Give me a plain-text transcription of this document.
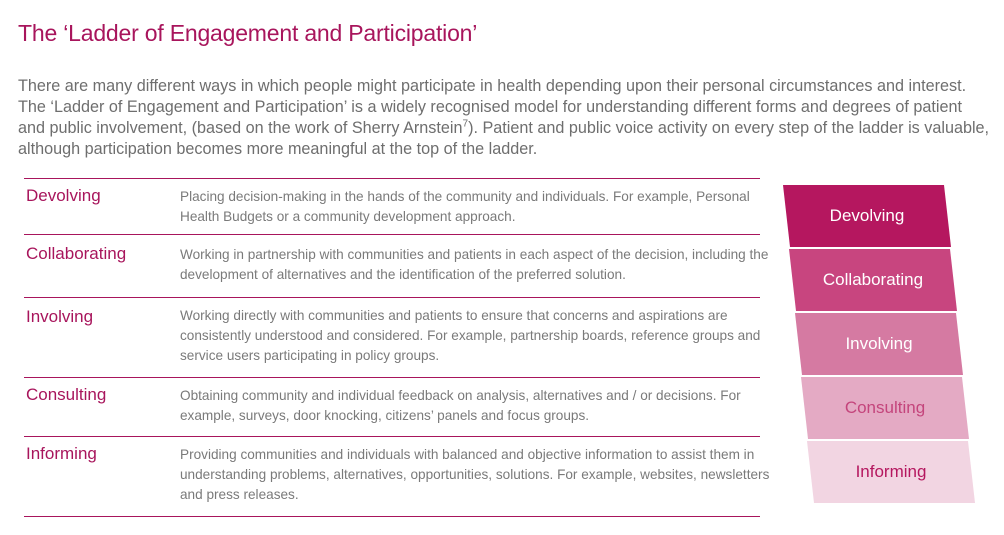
The ‘Ladder of Engagement and Participation’

There are many different ways in which people might participate in health depending upon their personal circumstances and interest. The ‘Ladder of Engagement and Participation’ is a widely recognised model for understanding different forms and degrees of patient and public involvement, (based on the work of Sherry Arnstein$^7$). Patient and public voice activity on every step of the ladder is valuable, although participation becomes more meaningful at the top of the ladder.

Devolving	Placing decision-making in the hands of the community and individuals. For example, Personal Health Budgets or a community development approach.
Collaborating	Working in partnership with communities and patients in each aspect of the decision, including the development of alternatives and the identification of the preferred solution.
Involving	Working directly with communities and patients to ensure that concerns and aspirations are consistently understood and considered. For example, partnership boards, reference groups and service users participating in policy groups.
Consulting	Obtaining community and individual feedback on analysis, alternatives and / or decisions. For example, surveys, door knocking, citizens’ panels and focus groups.
Informing	Providing communities and individuals with balanced and objective information to assist them in understanding problems, alternatives, opportunities, solutions. For example, websites, newsletters and press releases.
Devolving
Collaborating
Involving
Consulting
Informing
